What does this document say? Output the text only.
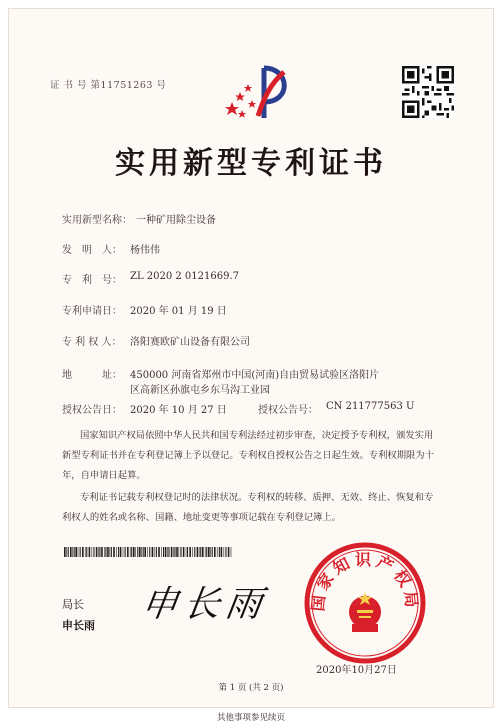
证 书 号 第11751263 号
实用新型专利证书
实用新型名称： 一种矿用除尘设备
发　明　人： 杨伟伟
专　利　号： ZL 2020 2 0121669.7
专利申请日： 2020 年 01 月 19 日
专 利 权 人： 洛阳赛欧矿山设备有限公司
地　　　址： 450000 河南省郑州市中国(河南)自由贸易试验区洛阳片
区高新区孙旗屯乡东马沟工业园
授权公告日： 2020 年 10 月 27 日	授权公告号： CN 211777563 U
国家知识产权局依照中华人民共和国专利法经过初步审查，决定授予专利权，颁发实用
新型专利证书并在专利登记簿上予以登记。专利权自授权公告之日起生效。专利权期限为十
年，自申请日起算。
专利证书记载专利权登记时的法律状况。专利权的转移、质押、无效、终止、恢复和专
利权人的姓名或名称、国籍、地址变更等事项记载在专利登记簿上。
局长
申长雨
申长雨 国家知识产权局
2020年10月27日
第 1 页 (共 2 页)
其他事项参见续页
